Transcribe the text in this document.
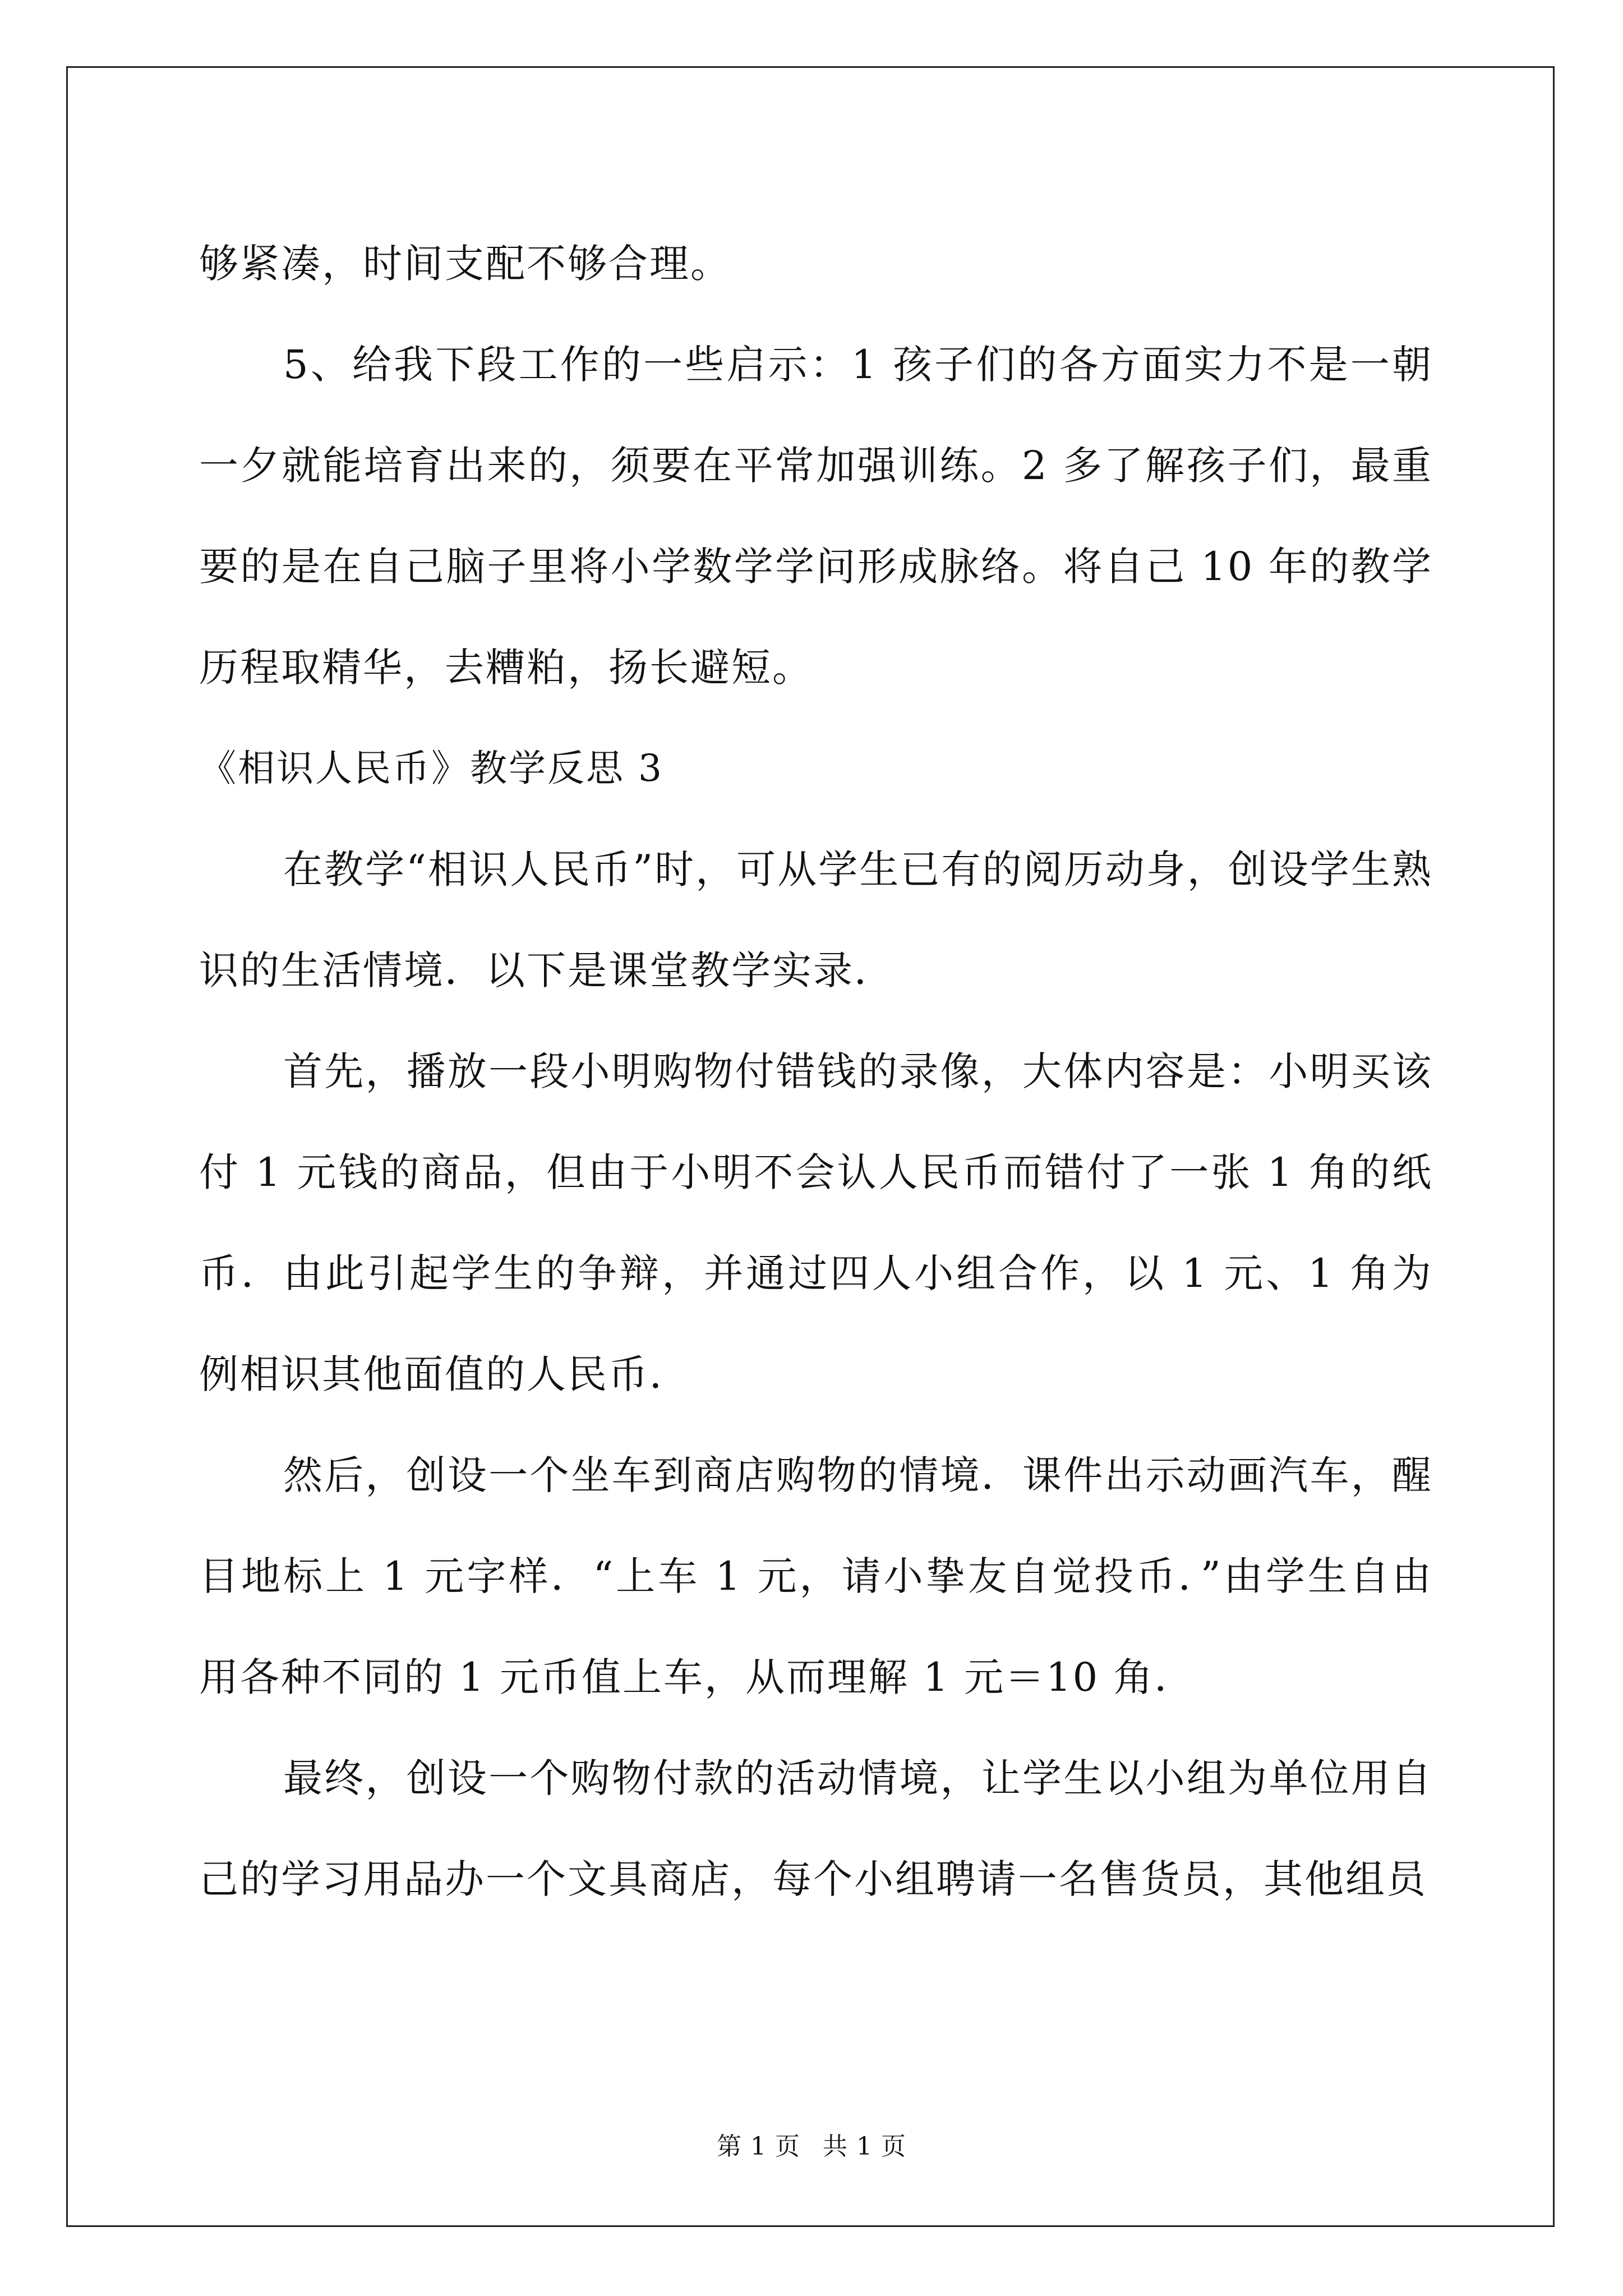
够紧凑，时间支配不够合理。

5、给我下段工作的一些启示：1 孩子们的各方面实力不是一朝一夕就能培育出来的，须要在平常加强训练。2 多了解孩子们，最重要的是在自己脑子里将小学数学学问形成脉络。将自己 10 年的教学历程取精华，去糟粕，扬长避短。

《相识人民币》教学反思 3

在教学“相识人民币”时，可从学生已有的阅历动身，创设学生熟识的生活情境．以下是课堂教学实录．

首先，播放一段小明购物付错钱的录像，大体内容是：小明买该付 1 元钱的商品，但由于小明不会认人民币而错付了一张 1 角的纸币．由此引起学生的争辩，并通过四人小组合作，以 1 元、1 角为例相识其他面值的人民币．

然后，创设一个坐车到商店购物的情境．课件出示动画汽车，醒目地标上 1 元字样．“上车 1 元，请小挚友自觉投币．”由学生自由用各种不同的 1 元币值上车，从而理解 1 元＝10 角．

最终，创设一个购物付款的活动情境，让学生以小组为单位用自己的学习用品办一个文具商店，每个小组聘请一名售货员，其他组员

第 1 页 共 1 页
